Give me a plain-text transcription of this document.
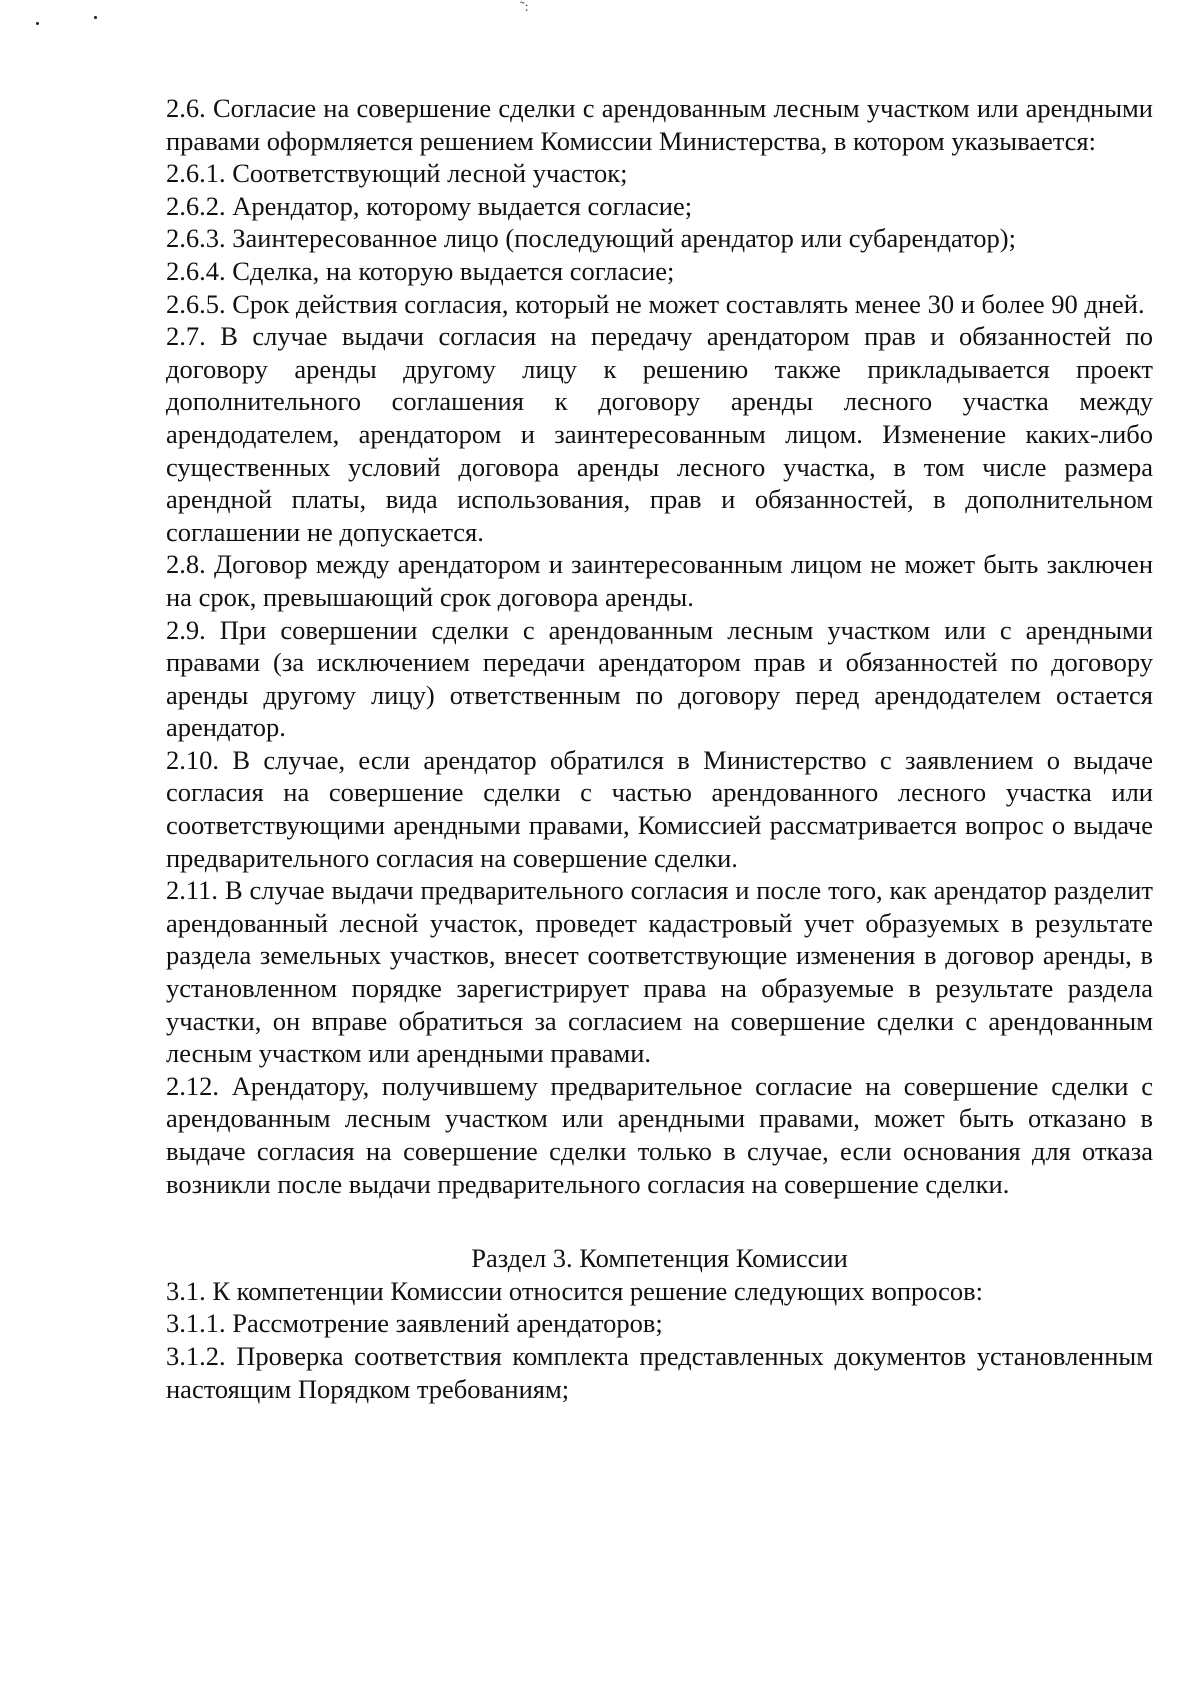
˜:

2.6. Согласие на совершение сделки с арендованным лесным участком или арендными правами оформляется решением Комиссии Министерства, в котором указывается:

2.6.1. Соответствующий лесной участок;

2.6.2. Арендатор, которому выдается согласие;

2.6.3. Заинтересованное лицо (последующий арендатор или субарендатор);

2.6.4. Сделка, на которую выдается согласие;

2.6.5. Срок действия согласия, который не может составлять менее 30 и более 90 дней.

2.7. В случае выдачи согласия на передачу арендатором прав и обязанностей по договору аренды другому лицу к решению также прикладывается проект дополнительного соглашения к договору аренды лесного участка между арендодателем, арендатором и заинтересованным лицом. Изменение каких-либо существенных условий договора аренды лесного участка, в том числе размера арендной платы, вида использования, прав и обязанностей, в дополнительном соглашении не допускается.

2.8. Договор между арендатором и заинтересованным лицом не может быть заключен на срок, превышающий срок договора аренды.

2.9. При совершении сделки с арендованным лесным участком или с арендными правами (за исключением передачи арендатором прав и обязанностей по договору аренды другому лицу) ответственным по договору перед арендодателем остается арендатор.

2.10. В случае, если арендатор обратился в Министерство с заявлением о выдаче согласия на совершение сделки с частью арендованного лесного участка или соответствующими арендными правами, Комиссией рассматривается вопрос о выдаче предварительного согласия на совершение сделки.

2.11. В случае выдачи предварительного согласия и после того, как арендатор разделит арендованный лесной участок, проведет кадастровый учет образуемых в результате раздела земельных участков, внесет соответствующие изменения в договор аренды, в установленном порядке зарегистрирует права на образуемые в результате раздела участки, он вправе обратиться за согласием на совершение сделки с арендованным лесным участком или арендными правами.

2.12. Арендатору, получившему предварительное согласие на совершение сделки с арендованным лесным участком или арендными правами, может быть отказано в выдаче согласия на совершение сделки только в случае, если основания для отказа возникли после выдачи предварительного согласия на совершение сделки.

Раздел 3. Компетенция Комиссии

3.1. К компетенции Комиссии относится решение следующих вопросов:

3.1.1. Рассмотрение заявлений арендаторов;

3.1.2. Проверка соответствия комплекта представленных документов установленным настоящим Порядком требованиям;
